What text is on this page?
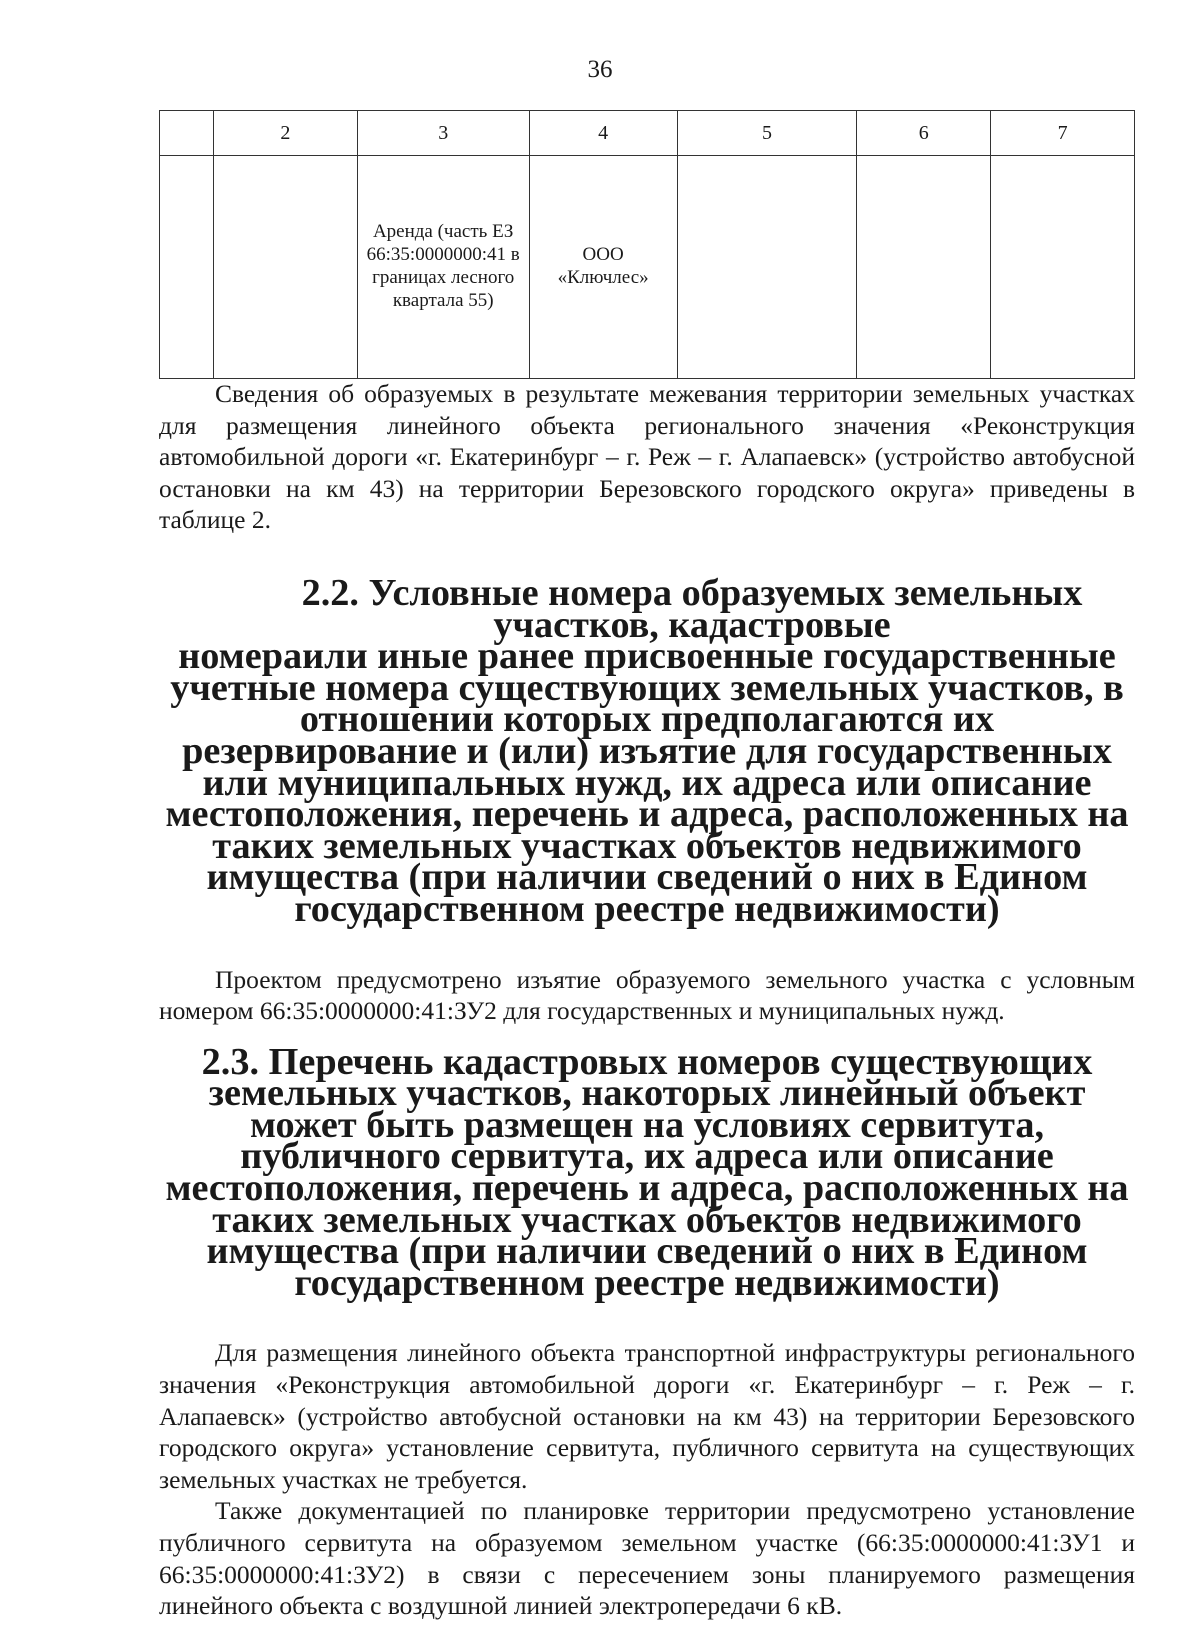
36
	2	3	4	5	6	7
		Аренда (часть ЕЗ 66:35:0000000:41 в границах лесного квартала 55)	ООО «Ключлес»			

Сведения об образуемых в результате межевания территории земельных участках для размещения линейного объекта регионального значения «Реконструкция автомобильной дороги «г. Екатеринбург – г. Реж – г. Алапаевск» (устройство автобусной остановки на км 43) на территории Березовского городского округа» приведены в таблице 2.

2.2. Условные номера образуемых земельных участков, кадастровые
номераили иные ранее присвоенные государственные учетные номера существующих земельных участков, в отношении которых предполагаются их резервирование и (или) изъятие для государственных или муниципальных нужд, их адреса или описание местоположения, перечень и адреса, расположенных на таких земельных участках объектов недвижимого имущества (при наличии сведений о них в Едином государственном реестре недвижимости)

Проектом предусмотрено изъятие образуемого земельного участка с условным номером 66:35:0000000:41:ЗУ2 для государственных и муниципальных нужд.

2.3. Перечень кадастровых номеров существующих земельных участков, накоторых линейный объект может быть размещен на условиях сервитута, публичного сервитута, их адреса или описание местоположения, перечень и адреса, расположенных на таких земельных участках объектов недвижимого имущества (при наличии сведений о них в Едином государственном реестре недвижимости)

Для размещения линейного объекта транспортной инфраструктуры регионального значения «Реконструкция автомобильной дороги «г. Екатеринбург – г. Реж – г. Алапаевск» (устройство автобусной остановки на км 43) на территории Березовского городского округа» установление сервитута, публичного сервитута на существующих земельных участках не требуется.

Также документацией по планировке территории предусмотрено установление публичного сервитута на образуемом земельном участке (66:35:0000000:41:ЗУ1 и 66:35:0000000:41:ЗУ2) в связи с пересечением зоны планируемого размещения линейного объекта с воздушной линией электропередачи 6 кВ.
